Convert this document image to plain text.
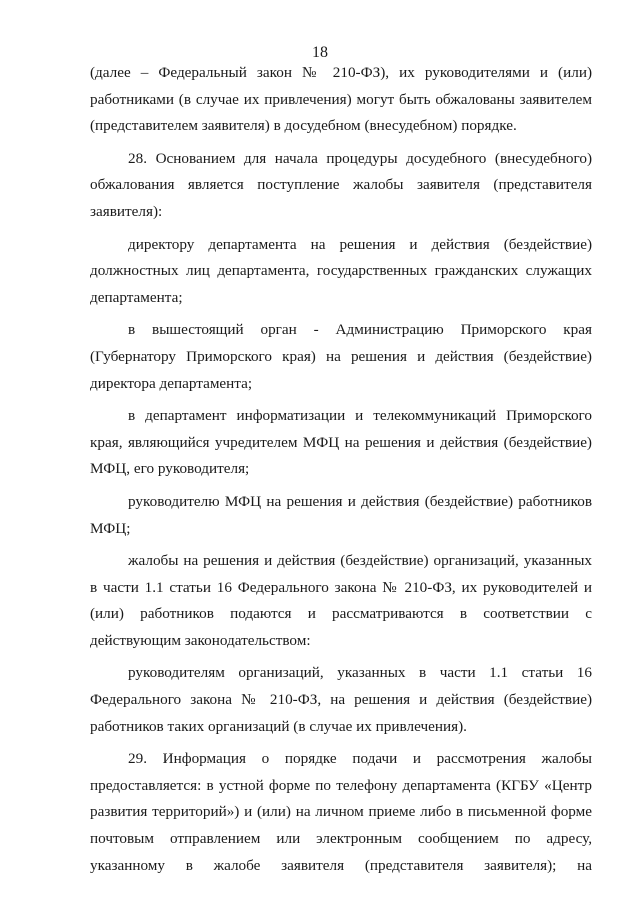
18

(далее – Федеральный закон № 210-ФЗ), их руководителями и (или) работниками (в случае их привлечения) могут быть обжалованы заявителем (представителем заявителя) в досудебном (внесудебном) порядке.

28. Основанием для начала процедуры досудебного (внесудебного) обжалования является поступление жалобы заявителя (представителя заявителя):

директору департамента на решения и действия (бездействие) должностных лиц департамента, государственных гражданских служащих департамента;

в вышестоящий орган - Администрацию Приморского края (Губернатору Приморского края) на решения и действия (бездействие) директора департамента;

в департамент информатизации и телекоммуникаций Приморского края, являющийся учредителем МФЦ на решения и действия (бездействие) МФЦ, его руководителя;

руководителю МФЦ на решения и действия (бездействие) работников МФЦ;

жалобы на решения и действия (бездействие) организаций, указанных в части 1.1 статьи 16 Федерального закона № 210-ФЗ, их руководителей и (или) работников подаются и рассматриваются в соответствии с действующим законодательством:

руководителям организаций, указанных в части 1.1 статьи 16 Федерального закона № 210-ФЗ, на решения и действия (бездействие) работников таких организаций (в случае их привлечения).

29. Информация о порядке подачи и рассмотрения жалобы предоставляется: в устной форме по телефону департамента (КГБУ «Центр развития территорий») и (или) на личном приеме либо в письменной форме почтовым отправлением или электронным сообщением по адресу, указанному в жалобе заявителя (представителя заявителя); на
